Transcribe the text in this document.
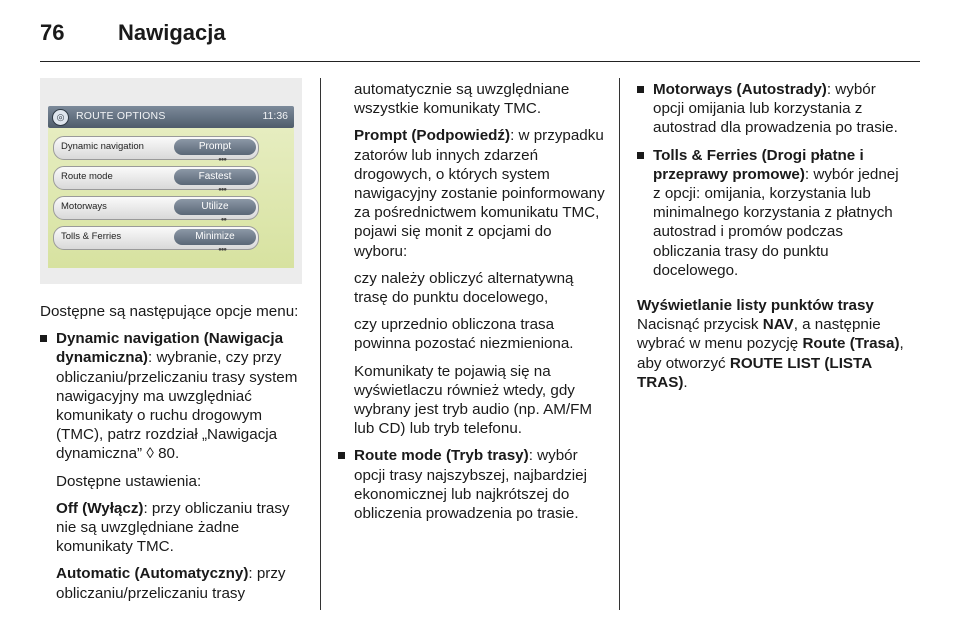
76 Nawigacja
◎	ROUTE OPTIONS	11:36
Dynamic navigation	Prompt
●●●
Route mode	Fastest
●●●
Motorways	Utilize
●●
Tolls & Ferries	Minimize
●●●

Dostępne są następujące opcje menu:

Dynamic navigation (Nawigacja dynamiczna): wybranie, czy przy obliczaniu/przeliczaniu trasy system nawigacyjny ma uwzględniać komunikaty o ruchu drogowym (TMC), patrz rozdział „Nawigacja dynamiczna” ◊ 80.

Dostępne ustawienia:

Off (Wyłącz): przy obliczaniu trasy nie są uwzględniane żadne komunikaty TMC.

Automatic (Automatyczny): przy obliczaniu/przeliczaniu trasy

automatycznie są uwzględniane wszystkie komunikaty TMC.

Prompt (Podpowiedź): w przypadku zatorów lub innych zdarzeń drogowych, o których system nawigacyjny zostanie poinformowany za pośrednictwem komunikatu TMC, pojawi się monit z opcjami do wyboru:

czy należy obliczyć alternatywną trasę do punktu docelowego,

czy uprzednio obliczona trasa powinna pozostać niezmieniona.

Komunikaty te pojawią się na wyświetlaczu również wtedy, gdy wybrany jest tryb audio (np. AM/FM lub CD) lub tryb telefonu.

Route mode (Tryb trasy): wybór opcji trasy najszybszej, najbardziej ekonomicznej lub najkrótszej do obliczenia prowadzenia po trasie.
Motorways (Autostrady): wybór opcji omijania lub korzystania z autostrad dla prowadzenia po trasie.
Tolls & Ferries (Drogi płatne i przeprawy promowe): wybór jednej z opcji: omijania, korzystania lub minimalnego korzystania z płatnych autostrad i promów podczas obliczania trasy do punktu docelowego.

Wyświetlanie listy punktów trasy

Nacisnąć przycisk NAV, a następnie wybrać w menu pozycję Route (Trasa), aby otworzyć ROUTE LIST (LISTA TRAS).
